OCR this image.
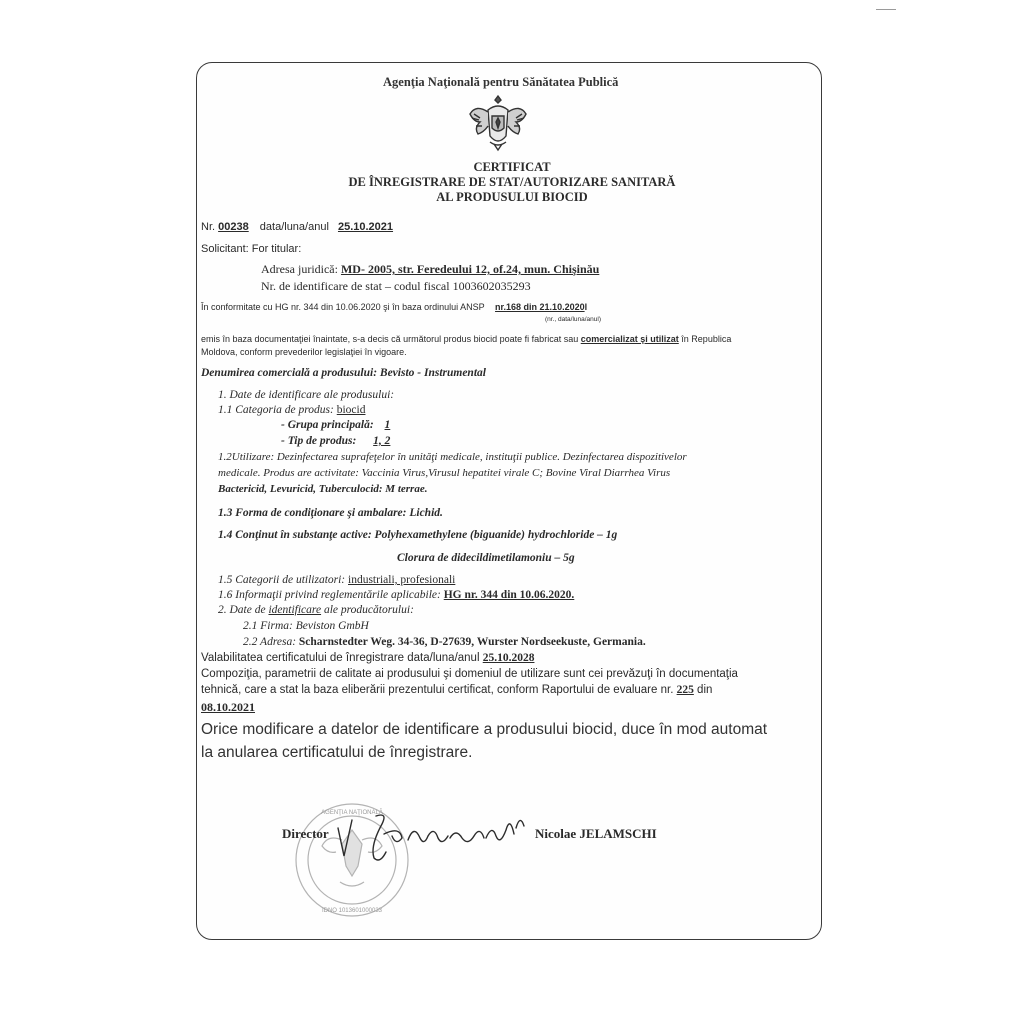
Agenţia Naţională pentru Sănătatea Publică
CERTIFICAT
DE ÎNREGISTRARE DE STAT/AUTORIZARE SANITARĂ
AL PRODUSULUI BIOCID
Nr. 00238 data/luna/anul 25.10.2021
Solicitant: For titular:
Adresa juridică: MD- 2005, str. Feredeului 12, of.24, mun. Chişinău
Nr. de identificare de stat – codul fiscal 1003602035293
În conformitate cu HG nr. 344 din 10.06.2020 şi în baza ordinului ANSP nr.168 din 21.10.2020l
(nr., data/luna/anul)
emis în baza documentaţiei înaintate, s-a decis că următorul produs biocid poate fi fabricat sau comercializat şi utilizat în Republica
Moldova, conform prevederilor legislaţiei în vigoare.
Denumirea comercială a produsului: Bevisto - Instrumental
1. Date de identificare ale produsului:
1.1 Categoria de produs: biocid
- Grupa principală: 1
- Tip de produs: 1, 2
1.2Utilizare: Dezinfectarea suprafeţelor în unităţi medicale, instituţii publice. Dezinfectarea dispozitivelor
medicale. Produs are activitate: Vaccinia Virus,Virusul hepatitei virale C; Bovine Viral Diarrhea Virus
Bactericid, Levuricid, Tuberculocid: M terrae.
1.3 Forma de condiţionare şi ambalare: Lichid.
1.4 Conţinut în substanţe active: Polyhexamethylene (biguanide) hydrochloride – 1g
Clorura de didecildimetilamoniu – 5g
1.5 Categorii de utilizatori: industriali, profesionali
1.6 Informaţii privind reglementările aplicabile: HG nr. 344 din 10.06.2020.
2. Date de identificare ale producătorului:
2.1 Firma: Beviston GmbH
2.2 Adresa: Scharnstedter Weg. 34-36, D-27639, Wurster Nordseekuste, Germania.
Valabilitatea certificatului de înregistrare data/luna/anul 25.10.2028
Compoziţia, parametrii de calitate ai produsului şi domeniul de utilizare sunt cei prevăzuţi în documentaţia
tehnică, care a stat la baza eliberării prezentului certificat, conform Raportului de evaluare nr. 225 din
08.10.2021
Orice modificare a datelor de identificare a produsului biocid, duce în mod automat
la anularea certificatului de înregistrare.
AGENŢIA NAŢIONALĂ
IDNO 1013601000033
Director	Nicolae JELAMSCHI
